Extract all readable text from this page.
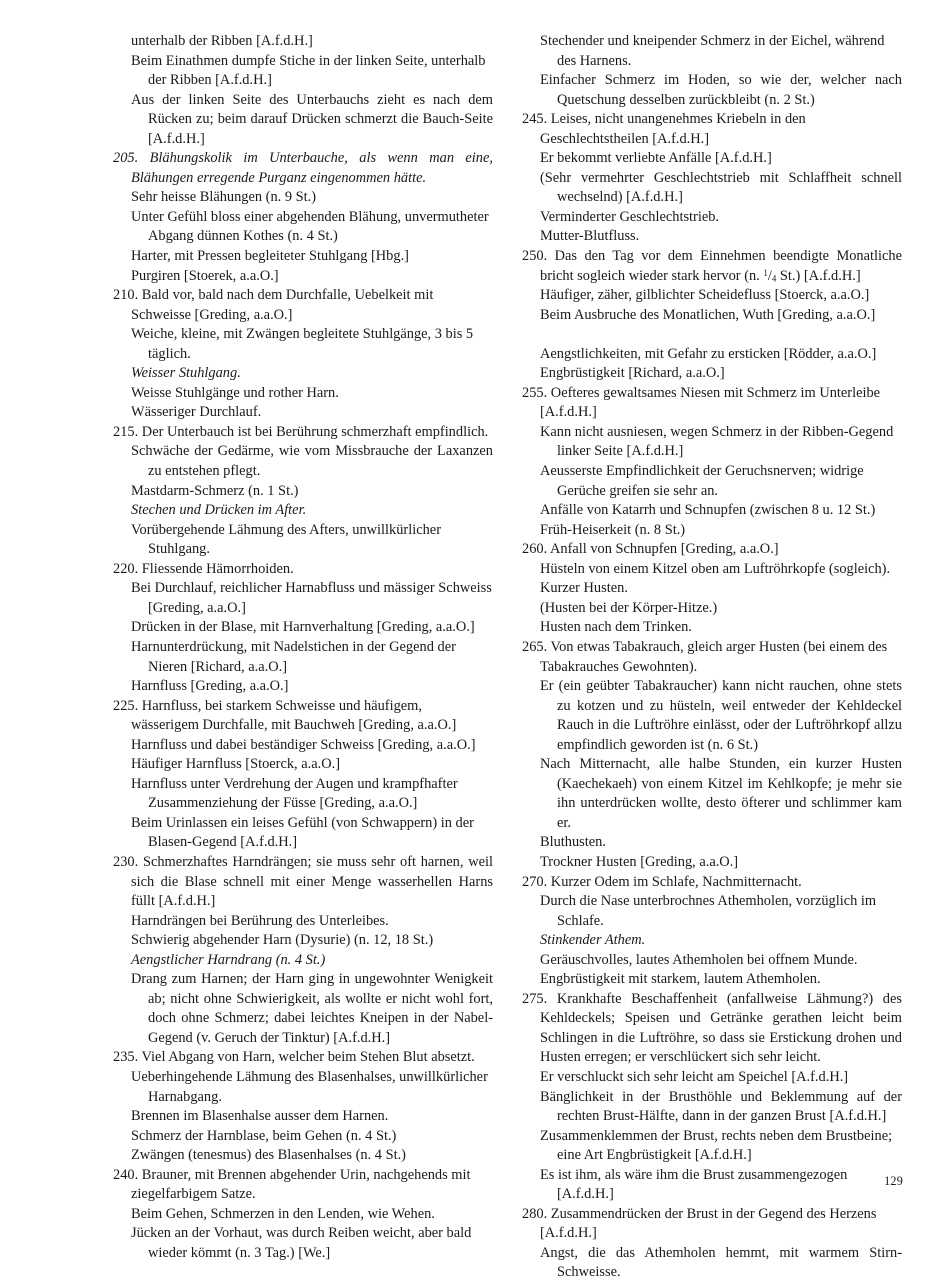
unterhalb der Ribben [A.f.d.H.]

Beim Einathmen dumpfe Stiche in der linken Seite, unterhalb der Ribben [A.f.d.H.]

Aus der linken Seite des Unterbauchs zieht es nach dem Rücken zu; beim darauf Drücken schmerzt die Bauch-Seite [A.f.d.H.]

205. Blähungskolik im Unterbauche, als wenn man eine, Blähungen erregende Purganz eingenommen hätte.

Sehr heisse Blähungen (n. 9 St.)

Unter Gefühl bloss einer abgehenden Blähung, unvermutheter Abgang dünnen Kothes (n. 4 St.)

Harter, mit Pressen begleiteter Stuhlgang [Hbg.]

Purgiren [Stoerek, a.a.O.]

210. Bald vor, bald nach dem Durchfalle, Uebelkeit mit Schweisse [Greding, a.a.O.]

Weiche, kleine, mit Zwängen begleitete Stuhlgänge, 3 bis 5 täglich.

Weisser Stuhlgang.

Weisse Stuhlgänge und rother Harn.

Wässeriger Durchlauf.

215. Der Unterbauch ist bei Berührung schmerzhaft empfindlich.

Schwäche der Gedärme, wie vom Missbrauche der Laxanzen zu entstehen pflegt.

Mastdarm-Schmerz (n. 1 St.)

Stechen und Drücken im After.

Vorübergehende Lähmung des Afters, unwillkürlicher Stuhlgang.

220. Fliessende Hämorrhoiden.

Bei Durchlauf, reichlicher Harnabfluss und mässiger Schweiss [Greding, a.a.O.]

Drücken in der Blase, mit Harnverhaltung [Greding, a.a.O.]

Harnunterdrückung, mit Nadelstichen in der Gegend der Nieren [Richard, a.a.O.]

Harnfluss [Greding, a.a.O.]

225. Harnfluss, bei starkem Schweisse und häufigem, wässerigem Durchfalle, mit Bauchweh [Greding, a.a.O.]

Harnfluss und dabei beständiger Schweiss [Greding, a.a.O.]

Häufiger Harnfluss [Stoerck, a.a.O.]

Harnfluss unter Verdrehung der Augen und krampfhafter Zusammenziehung der Füsse [Greding, a.a.O.]

Beim Urinlassen ein leises Gefühl (von Schwappern) in der Blasen-Gegend [A.f.d.H.]

230. Schmerzhaftes Harndrängen; sie muss sehr oft harnen, weil sich die Blase schnell mit einer Menge wasserhellen Harns füllt [A.f.d.H.]

Harndrängen bei Berührung des Unterleibes.

Schwierig abgehender Harn (Dysurie) (n. 12, 18 St.)

Aengstlicher Harndrang (n. 4 St.)

Drang zum Harnen; der Harn ging in ungewohnter Wenigkeit ab; nicht ohne Schwierigkeit, als wollte er nicht wohl fort, doch ohne Schmerz; dabei leichtes Kneipen in der Nabel-Gegend (v. Geruch der Tinktur) [A.f.d.H.]

235. Viel Abgang von Harn, welcher beim Stehen Blut absetzt.

Ueberhingehende Lähmung des Blasenhalses, unwillkürlicher Harnabgang.

Brennen im Blasenhalse ausser dem Harnen.

Schmerz der Harnblase, beim Gehen (n. 4 St.)

Zwängen (tenesmus) des Blasenhalses (n. 4 St.)

240. Brauner, mit Brennen abgehender Urin, nachgehends mit ziegelfarbigem Satze.

Beim Gehen, Schmerzen in den Lenden, wie Wehen.

Jücken an der Vorhaut, was durch Reiben weicht, aber bald wieder kömmt (n. 3 Tag.) [We.]

Stechender und kneipender Schmerz in der Eichel, während des Harnens.

Einfacher Schmerz im Hoden, so wie der, welcher nach Quetschung desselben zurückbleibt (n. 2 St.)

245. Leises, nicht unangenehmes Kriebeln in den Geschlechtstheilen [A.f.d.H.]

Er bekommt verliebte Anfälle [A.f.d.H.]

(Sehr vermehrter Geschlechtstrieb mit Schlaffheit schnell wechselnd) [A.f.d.H.]

Verminderter Geschlechtstrieb.

Mutter-Blutfluss.

250. Das den Tag vor dem Einnehmen beendigte Monatliche bricht sogleich wieder stark hervor (n. $^1/_4$ St.) [A.f.d.H.]

Häufiger, zäher, gilblichter Scheidefluss [Stoerck, a.a.O.]

Beim Ausbruche des Monatlichen, Wuth [Greding, a.a.O.]

Aengstlichkeiten, mit Gefahr zu ersticken [Rödder, a.a.O.]

Engbrüstigkeit [Richard, a.a.O.]

255. Oefteres gewaltsames Niesen mit Schmerz im Unterleibe [A.f.d.H.]

Kann nicht ausniesen, wegen Schmerz in der Ribben-Gegend linker Seite [A.f.d.H.]

Aeusserste Empfindlichkeit der Geruchsnerven; widrige Gerüche greifen sie sehr an.

Anfälle von Katarrh und Schnupfen (zwischen 8 u. 12 St.)

Früh-Heiserkeit (n. 8 St.)

260. Anfall von Schnupfen [Greding, a.a.O.]

Hüsteln von einem Kitzel oben am Luftröhrkopfe (sogleich).

Kurzer Husten.

(Husten bei der Körper-Hitze.)

Husten nach dem Trinken.

265. Von etwas Tabakrauch, gleich arger Husten (bei einem des Tabakrauches Gewohnten).

Er (ein geübter Tabakraucher) kann nicht rauchen, ohne stets zu kotzen und zu hüsteln, weil entweder der Kehldeckel Rauch in die Luftröhre einlässt, oder der Luftröhrkopf allzu empfindlich geworden ist (n. 6 St.)

Nach Mitternacht, alle halbe Stunden, ein kurzer Husten (Kaechekaeh) von einem Kitzel im Kehlkopfe; je mehr sie ihn unterdrücken wollte, desto öfterer und schlimmer kam er.

Bluthusten.

Trockner Husten [Greding, a.a.O.]

270. Kurzer Odem im Schlafe, Nachmitternacht.

Durch die Nase unterbrochnes Athemholen, vorzüglich im Schlafe.

Stinkender Athem.

Geräuschvolles, lautes Athemholen bei offnem Munde.

Engbrüstigkeit mit starkem, lautem Athemholen.

275. Krankhafte Beschaffenheit (anfallweise Lähmung?) des Kehldeckels; Speisen und Getränke gerathen leicht beim Schlingen in die Luftröhre, so dass sie Erstickung drohen und Husten erregen; er verschlückert sich sehr leicht.

Er verschluckt sich sehr leicht am Speichel [A.f.d.H.]

Bänglichkeit in der Brusthöhle und Beklemmung auf der rechten Brust-Hälfte, dann in der ganzen Brust [A.f.d.H.]

Zusammenklemmen der Brust, rechts neben dem Brustbeine; eine Art Engbrüstigkeit [A.f.d.H.]

Es ist ihm, als wäre ihm die Brust zusammengezogen [A.f.d.H.]

280. Zusammendrücken der Brust in der Gegend des Herzens [A.f.d.H.]

Angst, die das Athemholen hemmt, mit warmem Stirn-Schweisse.

129
